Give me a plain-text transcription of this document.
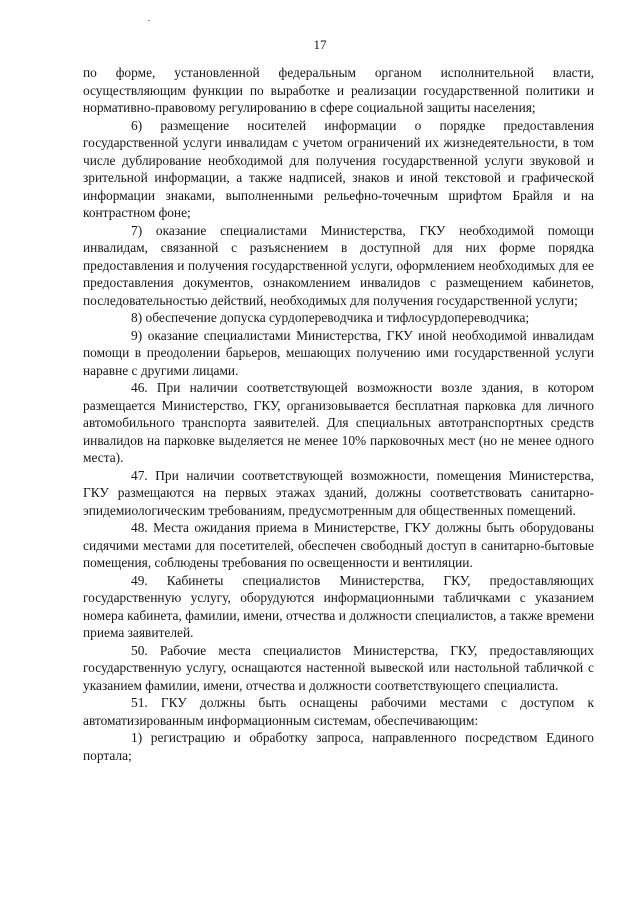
17

по форме, установленной федеральным органом исполнительной власти, осуществляющим функции по выработке и реализации государственной политики и нормативно-правовому регулированию в сфере социальной защиты населения;

6) размещение носителей информации о порядке предоставления государственной услуги инвалидам с учетом ограничений их жизнедеятельности, в том числе дублирование необходимой для получения государственной услуги звуковой и зрительной информации, а также надписей, знаков и иной текстовой и графической информации знаками, выполненными рельефно-точечным шрифтом Брайля и на контрастном фоне;

7) оказание специалистами Министерства, ГКУ необходимой помощи инвалидам, связанной с разъяснением в доступной для них форме порядка предоставления и получения государственной услуги, оформлением необходимых для ее предоставления документов, ознакомлением инвалидов с размещением кабинетов, последовательностью действий, необходимых для получения государственной услуги;

8) обеспечение допуска сурдопереводчика и тифлосурдопереводчика;

9) оказание специалистами Министерства, ГКУ иной необходимой инвалидам помощи в преодолении барьеров, мешающих получению ими государственной услуги наравне с другими лицами.

46. При наличии соответствующей возможности возле здания, в котором размещается Министерство, ГКУ, организовывается бесплатная парковка для личного автомобильного транспорта заявителей. Для специальных автотранспортных средств инвалидов на парковке выделяется не менее 10% парковочных мест (но не менее одного места).

47. При наличии соответствующей возможности, помещения Министерства, ГКУ размещаются на первых этажах зданий, должны соответствовать санитарно-эпидемиологическим требованиям, предусмотренным для общественных помещений.

48. Места ожидания приема в Министерстве, ГКУ должны быть оборудованы сидячими местами для посетителей, обеспечен свободный доступ в санитарно-бытовые помещения, соблюдены требования по освещенности и вентиляции.

49. Кабинеты специалистов Министерства, ГКУ, предоставляющих государственную услугу, оборудуются информационными табличками с указанием номера кабинета, фамилии, имени, отчества и должности специалистов, а также времени приема заявителей.

50. Рабочие места специалистов Министерства, ГКУ, предоставляющих государственную услугу, оснащаются настенной вывеской или настольной табличкой с указанием фамилии, имени, отчества и должности соответствующего специалиста.

51. ГКУ должны быть оснащены рабочими местами с доступом к автоматизированным информационным системам, обеспечивающим:

1) регистрацию и обработку запроса, направленного посредством Единого портала;
